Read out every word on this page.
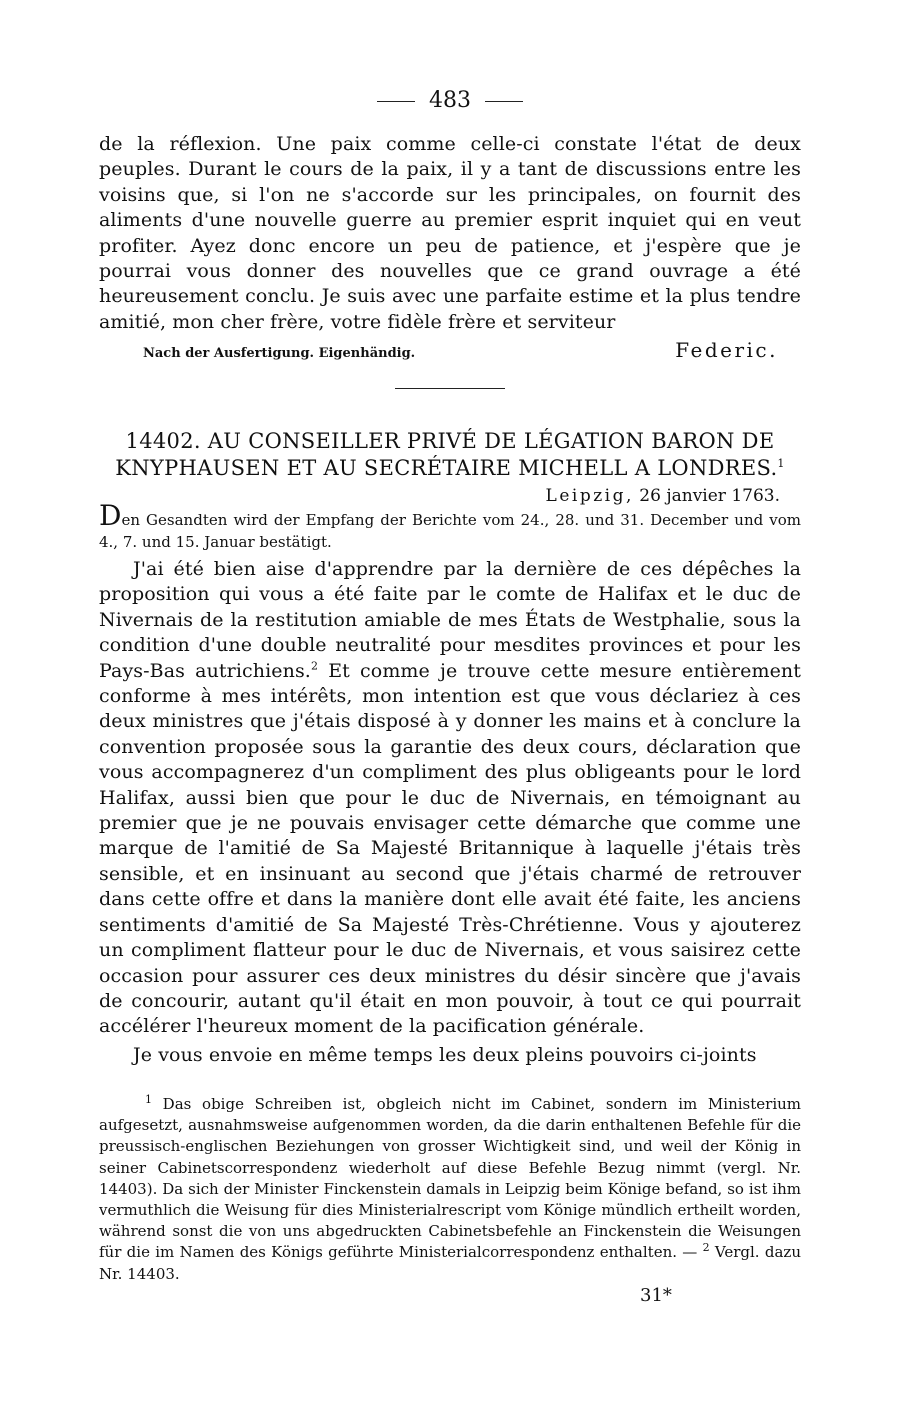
483
de la réflexion. Une paix comme celle-ci constate l'état de deux peuples. Durant le cours de la paix, il y a tant de discussions entre les voisins que, si l'on ne s'accorde sur les principales, on fournit des aliments d'une nouvelle guerre au premier esprit inquiet qui en veut profiter. Ayez donc encore un peu de patience, et j'espère que je pourrai vous donner des nouvelles que ce grand ouvrage a été heureusement conclu. Je suis avec une parfaite estime et la plus tendre amitié, mon cher frère, votre fidèle frère et serviteur
Nach der Ausfertigung. Eigenhändig.	Federic.
14402. AU CONSEILLER PRIVÉ DE LÉGATION BARON DE KNYPHAUSEN ET AU SECRÉTAIRE MICHELL A LONDRES.$^1$
Leipzig, 26 janvier 1763.
Den Gesandten wird der Empfang der Berichte vom 24., 28. und 31. December und vom 4., 7. und 15. Januar bestätigt.
J'ai été bien aise d'apprendre par la dernière de ces dépêches la proposition qui vous a été faite par le comte de Halifax et le duc de Nivernais de la restitution amiable de mes États de Westphalie, sous la condition d'une double neutralité pour mesdites provinces et pour les Pays-Bas autrichiens.$^2$ Et comme je trouve cette mesure entièrement conforme à mes intérêts, mon intention est que vous déclariez à ces deux ministres que j'étais disposé à y donner les mains et à conclure la convention proposée sous la garantie des deux cours, déclaration que vous accompagnerez d'un compliment des plus obligeants pour le lord Halifax, aussi bien que pour le duc de Nivernais, en témoignant au premier que je ne pouvais envisager cette démarche que comme une marque de l'amitié de Sa Majesté Britannique à laquelle j'étais très sensible, et en insinuant au second que j'étais charmé de retrouver dans cette offre et dans la manière dont elle avait été faite, les anciens sentiments d'amitié de Sa Majesté Très-Chrétienne. Vous y ajouterez un compliment flatteur pour le duc de Nivernais, et vous saisirez cette occasion pour assurer ces deux ministres du désir sincère que j'avais de concourir, autant qu'il était en mon pouvoir, à tout ce qui pourrait accélérer l'heureux moment de la pacification générale.
Je vous envoie en même temps les deux pleins pouvoirs ci-joints
$^1$ Das obige Schreiben ist, obgleich nicht im Cabinet, sondern im Ministerium aufgesetzt, ausnahmsweise aufgenommen worden, da die darin enthaltenen Befehle für die preussisch-englischen Beziehungen von grosser Wichtigkeit sind, und weil der König in seiner Cabinetscorrespondenz wiederholt auf diese Befehle Bezug nimmt (vergl. Nr. 14403). Da sich der Minister Finckenstein damals in Leipzig beim Könige befand, so ist ihm vermuthlich die Weisung für dies Ministerialrescript vom Könige mündlich ertheilt worden, während sonst die von uns abgedruckten Cabinetsbefehle an Finckenstein die Weisungen für die im Namen des Königs geführte Ministerialcorrespondenz enthalten. — $^2$ Vergl. dazu Nr. 14403.
31*
